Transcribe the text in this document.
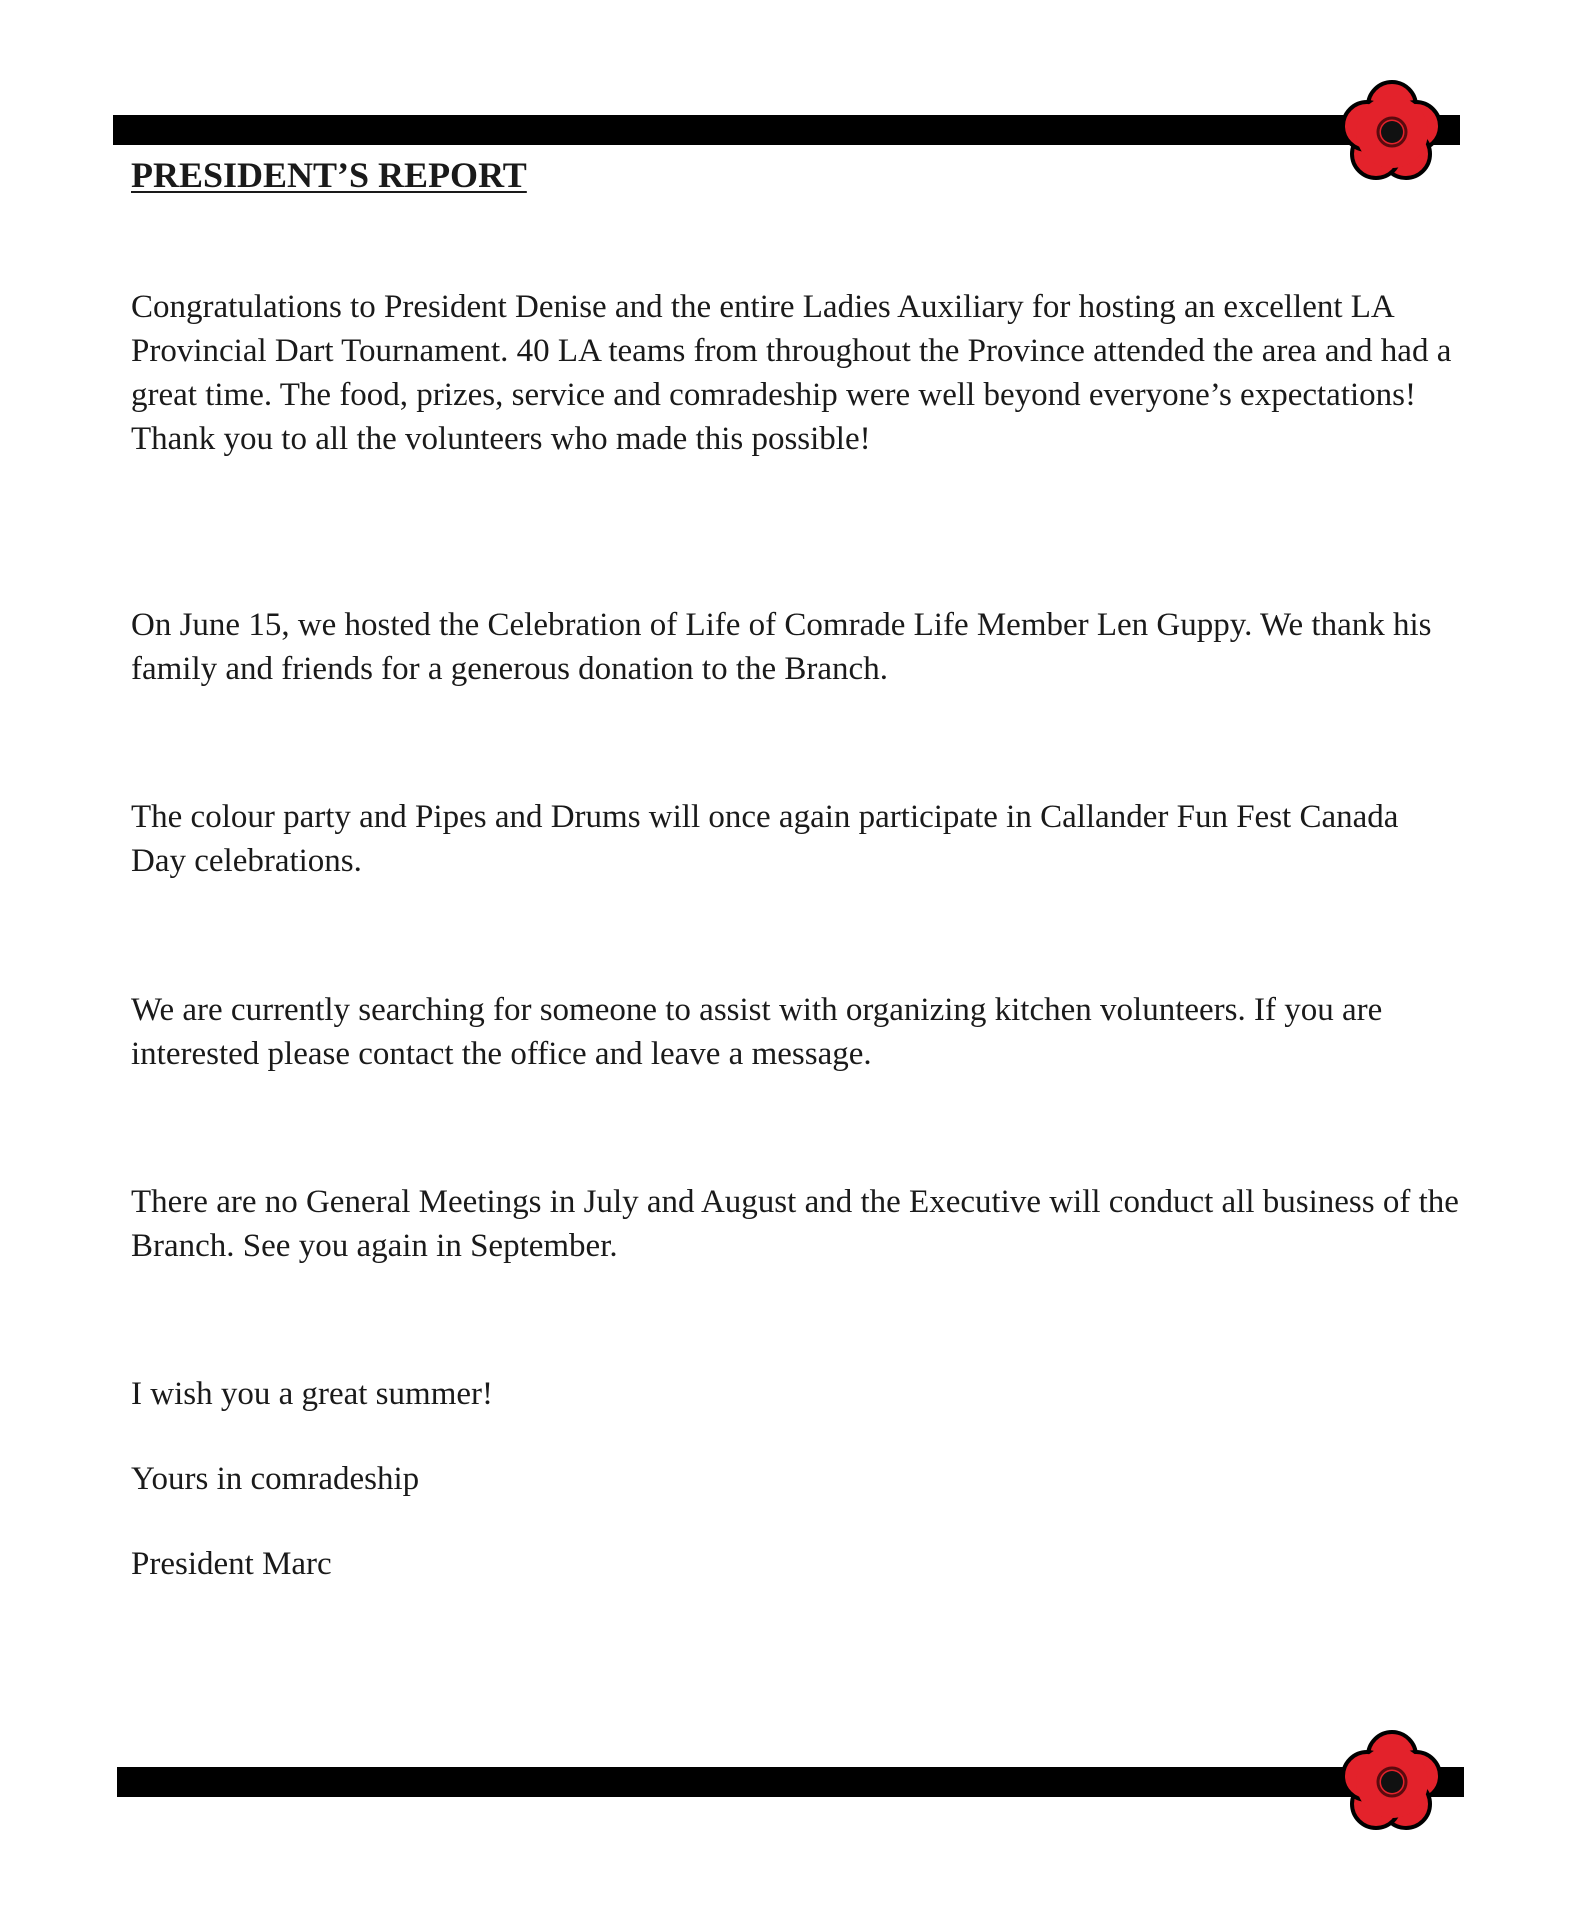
PRESIDENT’S REPORT

Congratulations to President Denise and the entire Ladies Auxiliary for hosting an excellent LA Provincial Dart Tournament. 40 LA teams from throughout the Province attended the area and had a great time. The food, prizes, service and comradeship were well beyond everyone’s expectations! Thank you to all the volunteers who made this possible!

On June 15, we hosted the Celebration of Life of Comrade Life Member Len Guppy. We thank his family and friends for a generous donation to the Branch.

The colour party and Pipes and Drums will once again participate in Callander Fun Fest Canada Day celebrations.

We are currently searching for someone to assist with organizing kitchen volunteers. If you are interested please contact the office and leave a message.

There are no General Meetings in July and August and the Executive will conduct all business of the Branch. See you again in September.

I wish you a great summer!

Yours in comradeship

President Marc
